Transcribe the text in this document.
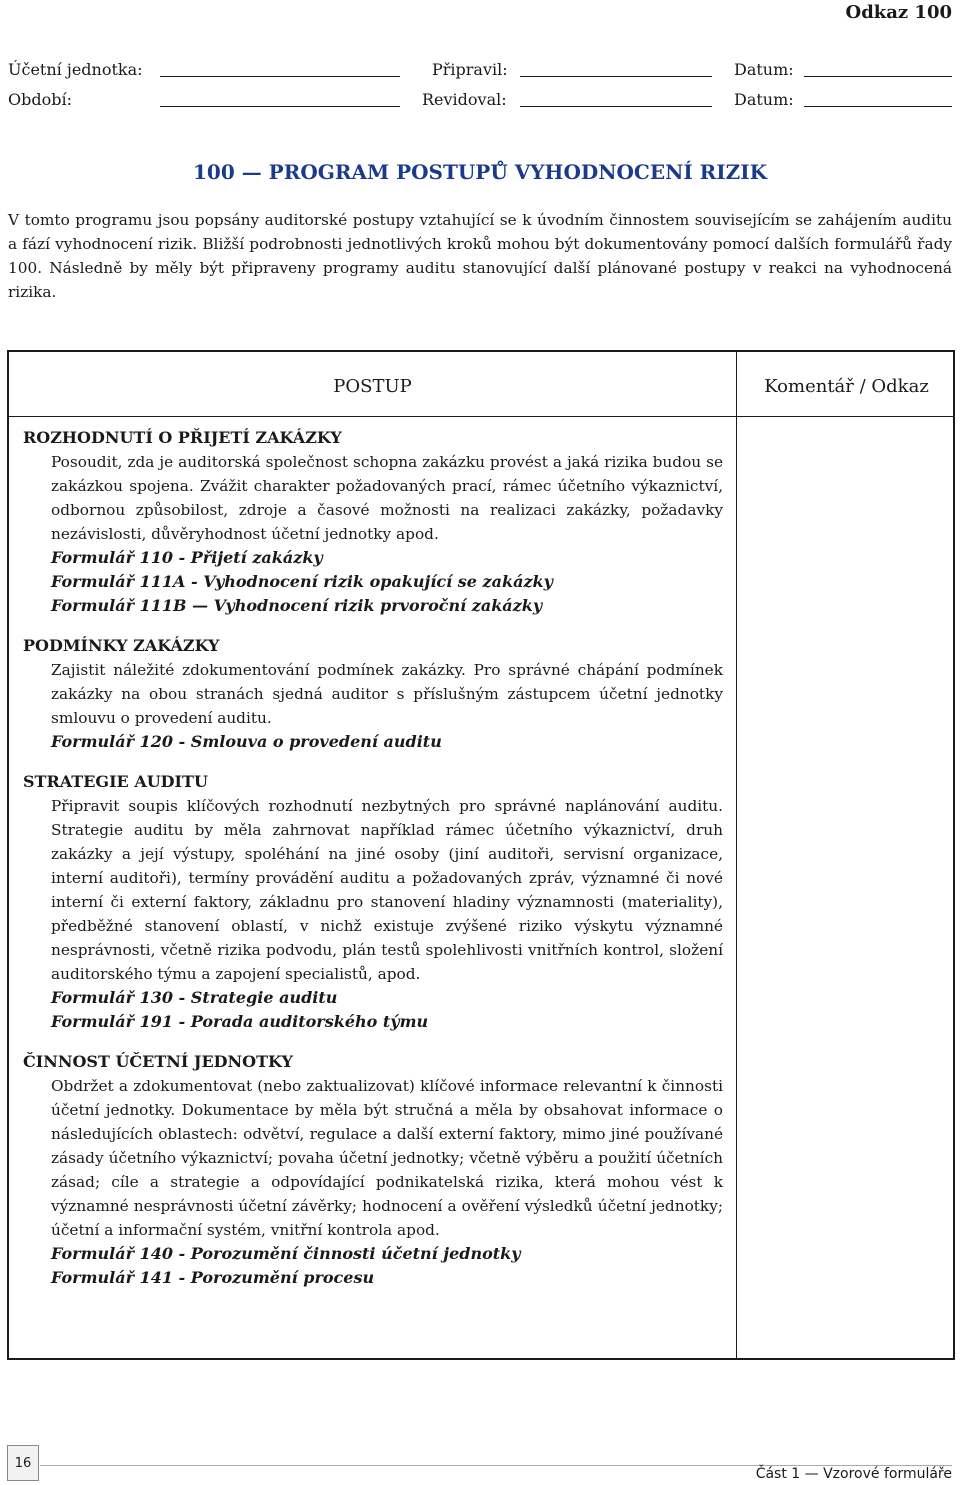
Odkaz 100
Účetní jednotka:	Připravil:	Datum:
Období:	Revidoval:	Datum:
100 — PROGRAM POSTUPŮ VYHODNOCENÍ RIZIK
V tomto programu jsou popsány auditorské postupy vztahující se k úvodním činnostem souvisejícím se zahájením auditu a fází vyhodnocení rizik. Bližší podrobnosti jednotlivých kroků mohou být dokumentovány pomocí dalších formulářů řady 100. Následně by měly být připraveny programy auditu stanovující další plánované postupy v reakci na vyhodnocená rizika.
POSTUP	Komentář / Odkaz
ROZHODNUTÍ O PŘIJETÍ ZAKÁZKY
Posoudit, zda je auditorská společnost schopna zakázku provést a jaká rizika budou se zakázkou spojena. Zvážit charakter požadovaných prací, rámec účetního výkaznictví, odbornou způsobilost, zdroje a časové možnosti na realizaci zakázky, požadavky nezávislosti, důvěryhodnost účetní jednotky apod.
Formulář 110 - Přijetí zakázky
Formulář 111A - Vyhodnocení rizik opakující se zakázky
Formulář 111B — Vyhodnocení rizik prvoroční zakázky
PODMÍNKY ZAKÁZKY
Zajistit náležité zdokumentování podmínek zakázky. Pro správné chápání podmínek zakázky na obou stranách sjedná auditor s příslušným zástupcem účetní jednotky smlouvu o provedení auditu.
Formulář 120 - Smlouva o provedení auditu
STRATEGIE AUDITU
Připravit soupis klíčových rozhodnutí nezbytných pro správné naplánování auditu. Strategie auditu by měla zahrnovat například rámec účetního výkaznictví, druh zakázky a její výstupy, spoléhání na jiné osoby (jiní auditoři, servisní organizace, interní auditoři), termíny provádění auditu a požadovaných zpráv, významné či nové interní či externí faktory, základnu pro stanovení hladiny významnosti (materiality), předběžné stanovení oblastí, v nichž existuje zvýšené riziko výskytu významné nesprávnosti, včetně rizika podvodu, plán testů spolehlivosti vnitřních kontrol, složení auditorského týmu a zapojení specialistů, apod.
Formulář 130 - Strategie auditu
Formulář 191 - Porada auditorského týmu
ČINNOST ÚČETNÍ JEDNOTKY
Obdržet a zdokumentovat (nebo zaktualizovat) klíčové informace relevantní k činnosti účetní jednotky. Dokumentace by měla být stručná a měla by obsahovat informace o následujících oblastech: odvětví, regulace a další externí faktory, mimo jiné používané zásady účetního výkaznictví; povaha účetní jednotky; včetně výběru a použití účetních zásad; cíle a strategie a odpovídající podnikatelská rizika, která mohou vést k významné nesprávnosti účetní závěrky; hodnocení a ověření výsledků účetní jednotky; účetní a informační systém, vnitřní kontrola apod.
Formulář 140 - Porozumění činnosti účetní jednotky
Formulář 141 - Porozumění procesu
16
Část 1 — Vzorové formuláře
